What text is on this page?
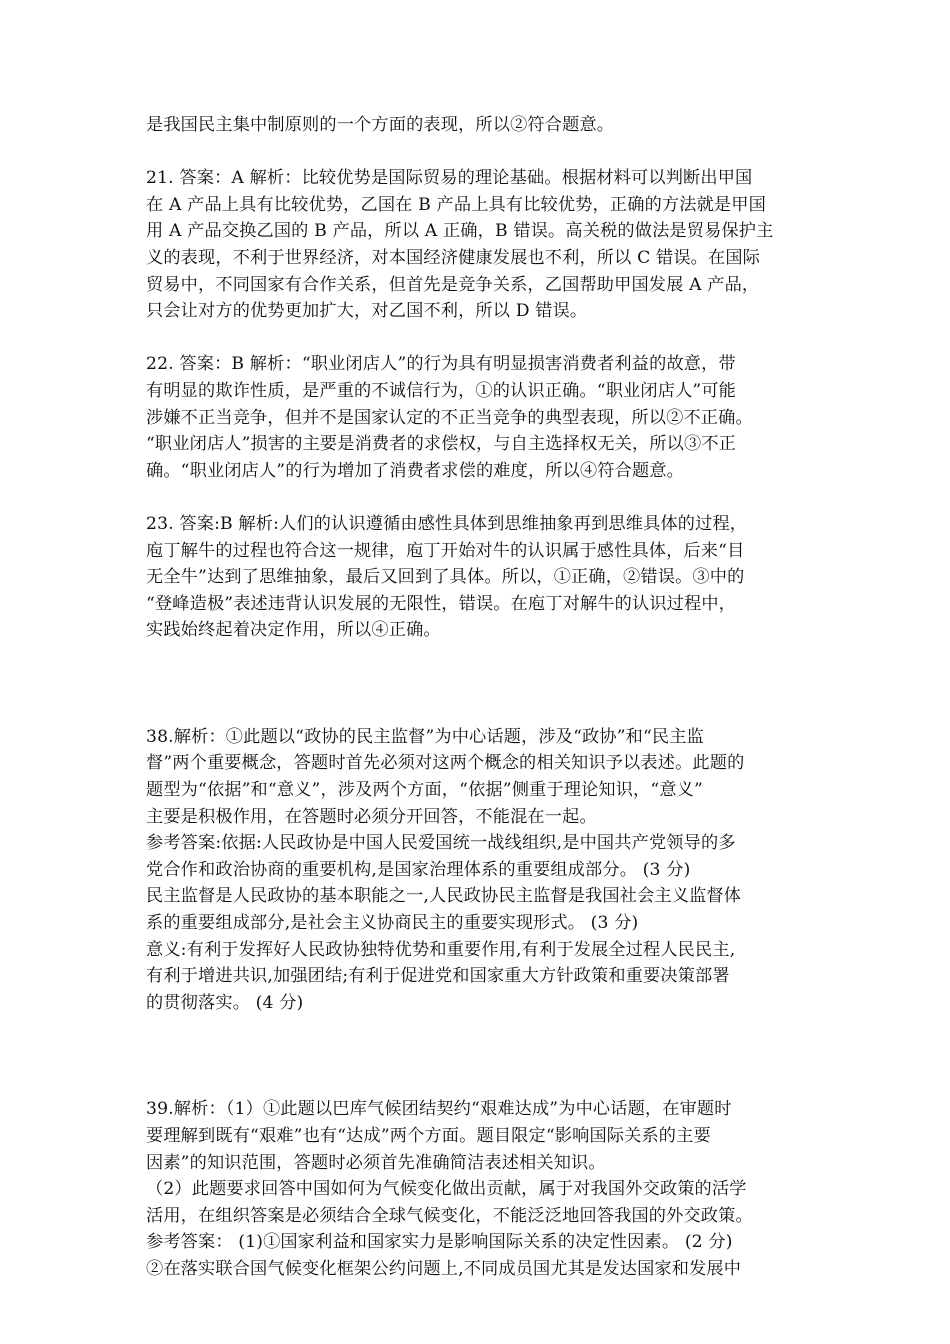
是我国民主集中制原则的一个方面的表现，所以②符合题意。
21. 答案：A 解析：比较优势是国际贸易的理论基础。根据材料可以判断出甲国
在 A 产品上具有比较优势，乙国在 B 产品上具有比较优势，正确的方法就是甲国
用 A 产品交换乙国的 B 产品，所以 A 正确，B 错误。高关税的做法是贸易保护主
义的表现，不利于世界经济，对本国经济健康发展也不利，所以 C 错误。在国际
贸易中，不同国家有合作关系，但首先是竞争关系，乙国帮助甲国发展 A 产品，
只会让对方的优势更加扩大，对乙国不利，所以 D 错误。
22. 答案：B 解析：“职业闭店人”的行为具有明显损害消费者利益的故意，带
有明显的欺诈性质，是严重的不诚信行为，①的认识正确。“职业闭店人”可能
涉嫌不正当竞争，但并不是国家认定的不正当竞争的典型表现，所以②不正确。
“职业闭店人”损害的主要是消费者的求偿权，与自主选择权无关，所以③不正
确。“职业闭店人”的行为增加了消费者求偿的难度，所以④符合题意。
23. 答案:B 解析:人们的认识遵循由感性具体到思维抽象再到思维具体的过程，
庖丁解牛的过程也符合这一规律，庖丁开始对牛的认识属于感性具体，后来“目
无全牛”达到了思维抽象，最后又回到了具体。所以，①正确，②错误。③中的
“登峰造极”表述违背认识发展的无限性，错误。在庖丁对解牛的认识过程中，
实践始终起着决定作用，所以④正确。
38.解析：①此题以“政协的民主监督”为中心话题，涉及“政协”和“民主监
督”两个重要概念，答题时首先必须对这两个概念的相关知识予以表述。此题的
题型为“依据”和“意义”，涉及两个方面，“依据”侧重于理论知识，“意义”
主要是积极作用，在答题时必须分开回答，不能混在一起。
参考答案:依据:人民政协是中国人民爱国统一战线组织,是中国共产党领导的多
党合作和政治协商的重要机构,是国家治理体系的重要组成部分。 (3 分)
民主监督是人民政协的基本职能之一,人民政协民主监督是我国社会主义监督体
系的重要组成部分,是社会主义协商民主的重要实现形式。 (3 分)
意义:有利于发挥好人民政协独特优势和重要作用,有利于发展全过程人民民主,
有利于增进共识,加强团结;有利于促进党和国家重大方针政策和重要决策部署
的贯彻落实。 (4 分)
39.解析：（1）①此题以巴库气候团结契约“艰难达成”为中心话题，在审题时
要理解到既有“艰难”也有“达成”两个方面。题目限定“影响国际关系的主要
因素”的知识范围，答题时必须首先准确简洁表述相关知识。
（2）此题要求回答中国如何为气候变化做出贡献，属于对我国外交政策的活学
活用，在组织答案是必须结合全球气候变化，不能泛泛地回答我国的外交政策。
参考答案： (1)①国家利益和国家实力是影响国际关系的决定性因素。 (2 分)
②在落实联合国气候变化框架公约问题上,不同成员国尤其是发达国家和发展中
